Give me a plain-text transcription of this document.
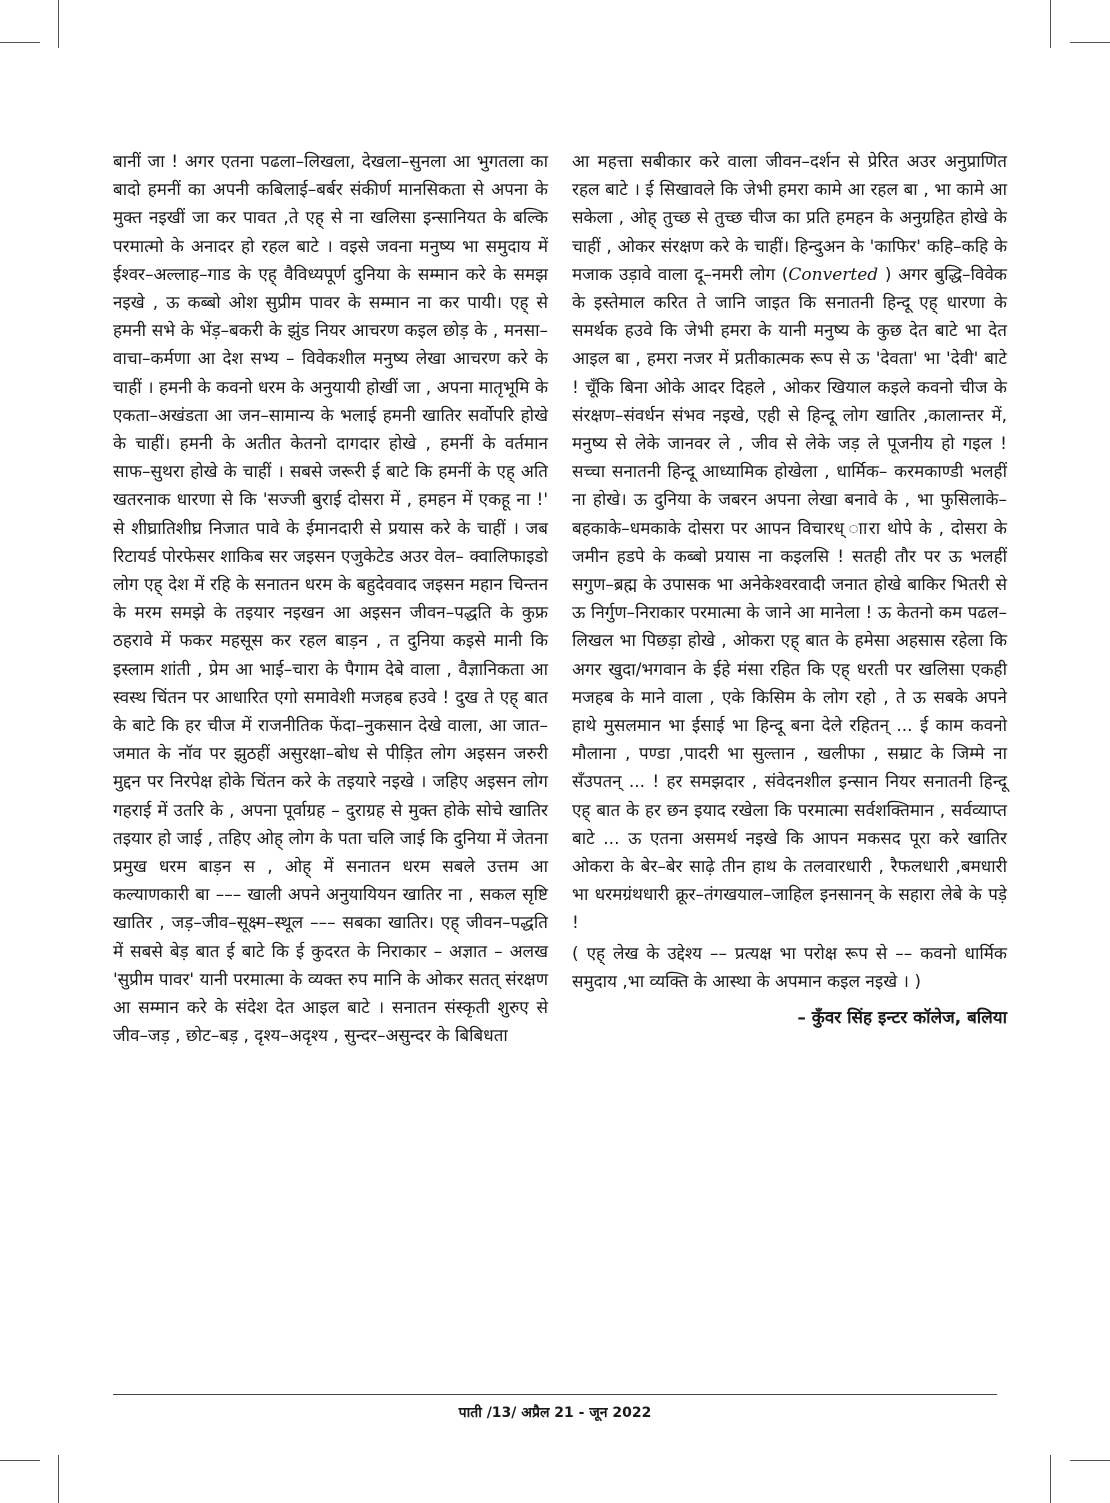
बानीं जा ! अगर एतना पढला–लिखला, देखला–सुनला आ भुगतला का बादो हमनीं का अपनी कबिलाई–बर्बर संकीर्ण मानसिकता से अपना के मुक्त नइखीं जा कर पावत ,ते एह् से ना खलिसा इन्सानियत के बल्कि परमात्मो के अनादर हो रहल बाटे । वइसे जवना मनुष्य भा समुदाय में ईश्वर–अल्लाह–गाड के एह् वैविध्यपूर्ण दुनिया के सम्मान करे के समझ नइखे , ऊ कब्बो ओश सुप्रीम पावर के सम्मान ना कर पायी। एह् से हमनी सभे के भेंड़–बकरी के झुंड नियर आचरण कइल छोड़ के , मनसा–वाचा–कर्मणा आ देश सभ्य – विवेकशील मनुष्य लेखा आचरण करे के चाहीं । हमनी के कवनो धरम के अनुयायी होखीं जा , अपना मातृभूमि के एकता–अखंडता आ जन–सामान्य के भलाई हमनी खातिर सर्वोपरि होखे के चाहीं। हमनी के अतीत केतनो दागदार होखे , हमनीं के वर्तमान साफ–सुथरा होखे के चाहीं । सबसे जरूरी ई बाटे कि हमनीं के एह् अति खतरनाक धारणा से कि 'सज्जी बुराई दोसरा में , हमहन में एकहू ना !' से शीघ्रातिशीघ्र निजात पावे के ईमानदारी से प्रयास करे के चाहीं । जब रिटायर्ड पोरफेसर शाकिब सर जइसन एजुकेटेड अउर वेल– क्वालिफाइडो लोग एह् देश में रहि के सनातन धरम के बहुदेववाद जइसन महान चिन्तन के मरम समझे के तइयार नइखन आ अइसन जीवन–पद्धति के कुफ्र ठहरावे में फकर महसूस कर रहल बाड़न , त दुनिया कइसे मानी कि इस्लाम शांती , प्रेम आ भाई–चारा के पैगाम देबे वाला , वैज्ञानिकता आ स्वस्थ चिंतन पर आधारित एगो समावेशी मजहब हउवे ! दुख ते एह् बात के बाटे कि हर चीज में राजनीतिक फेंदा–नुकसान देखे वाला, आ जात–जमात के नॉव पर झुठहीं असुरक्षा–बोध से पीड़ित लोग अइसन जरुरी मुद्दन पर निरपेक्ष होके चिंतन करे के तइयारे नइखे । जहिए अइसन लोग गहराई में उतरि के , अपना पूर्वाग्रह – दुराग्रह से मुक्त होके सोचे खातिर तइयार हो जाई , तहिए ओह् लोग के पता चलि जाई कि दुनिया में जेतना प्रमुख धरम बाड़न स , ओह् में सनातन धरम सबले उत्तम आ कल्याणकारी बा ––– खाली अपने अनुयायियन खातिर ना , सकल सृष्टि खातिर , जड़–जीव–सूक्ष्म–स्थूल ––– सबका खातिर। एह् जीवन–पद्धति में सबसे बेड़ बात ई बाटे कि ई कुदरत के निराकार – अज्ञात – अलख 'सुप्रीम पावर' यानी परमात्मा के व्यक्त रुप मानि के ओकर सतत् संरक्षण आ सम्मान करे के संदेश देत आइल बाटे । सनातन संस्कृती शुरुए से जीव–जड़ , छोट–बड़ , दृश्य–अदृश्य , सुन्दर–असुन्दर के बिबिधता

आ महत्ता सबीकार करे वाला जीवन–दर्शन से प्रेरित अउर अनुप्राणित रहल बाटे । ई सिखावले कि जेभी हमरा कामे आ रहल बा , भा कामे आ सकेला , ओह् तुच्छ से तुच्छ चीज का प्रति हमहन के अनुग्रहित होखे के चाहीं , ओकर संरक्षण करे के चाहीं। हिन्दुअन के 'काफिर' कहि–कहि के मजाक उड़ावे वाला दू–नमरी लोग (Converted ) अगर बुद्धि–विवेक के इस्तेमाल करित ते जानि जाइत कि सनातनी हिन्दू एह् धारणा के समर्थक हउवे कि जेभी हमरा के यानी मनुष्य के कुछ देत बाटे भा देत आइल बा , हमरा नजर में प्रतीकात्मक रूप से ऊ 'देवता' भा 'देवी' बाटे ! चूँकि बिना ओके आदर दिहले , ओकर खियाल कइले कवनो चीज के संरक्षण–संवर्धन संभव नइखे, एही से हिन्दू लोग खातिर ,कालान्तर में, मनुष्य से लेके जानवर ले , जीव से लेके जड़ ले पूजनीय हो गइल ! सच्चा सनातनी हिन्दू आध्यामिक होखेला , धार्मिक– करमकाण्डी भलहीं ना होखे। ऊ दुनिया के जबरन अपना लेखा बनावे के , भा फुसिलाके–बहकाके–धमकाके दोसरा पर आपन विचारध् ाारा थोपे के , दोसरा के जमीन हडपे के कब्बो प्रयास ना कइलसि ! सतही तौर पर ऊ भलहीं सगुण–ब्रह्म के उपासक भा अनेकेश्वरवादी जनात होखे बाकिर भितरी से ऊ निर्गुण–निराकार परमात्मा के जाने आ मानेला ! ऊ केतनो कम पढल–लिखल भा पिछड़ा होखे , ओकरा एह् बात के हमेसा अहसास रहेला कि अगर खुदा/भगवान के ईहे मंसा रहित कि एह् धरती पर खलिसा एकही मजहब के माने वाला , एके किसिम के लोग रहो , ते ऊ सबके अपने हाथे मुसलमान भा ईसाई भा हिन्दू बना देले रहितन् ... ई काम कवनो मौलाना , पण्डा ,पादरी भा सुल्तान , खलीफा , सम्राट के जिम्मे ना सँउपतन् ... ! हर समझदार , संवेदनशील इन्सान नियर सनातनी हिन्दू एह् बात के हर छन इयाद रखेला कि परमात्मा सर्वशक्तिमान , सर्वव्याप्त बाटे ... ऊ एतना असमर्थ नइखे कि आपन मकसद पूरा करे खातिर ओकरा के बेर–बेर साढ़े तीन हाथ के तलवारधारी , रैफलधारी ,बमधारी भा धरमग्रंथधारी क्रूर–तंगखयाल–जाहिल इनसानन् के सहारा लेबे के पड़े !

( एह् लेख के उद्देश्य –– प्रत्यक्ष भा परोक्ष रूप से –– कवनो धार्मिक समुदाय ,भा व्यक्ति के आस्था के अपमान कइल नइखे । )

– कुँवर सिंह इन्टर कॉलेज, बलिया

पाती /13/ अप्रैल 21 - जून 2022
